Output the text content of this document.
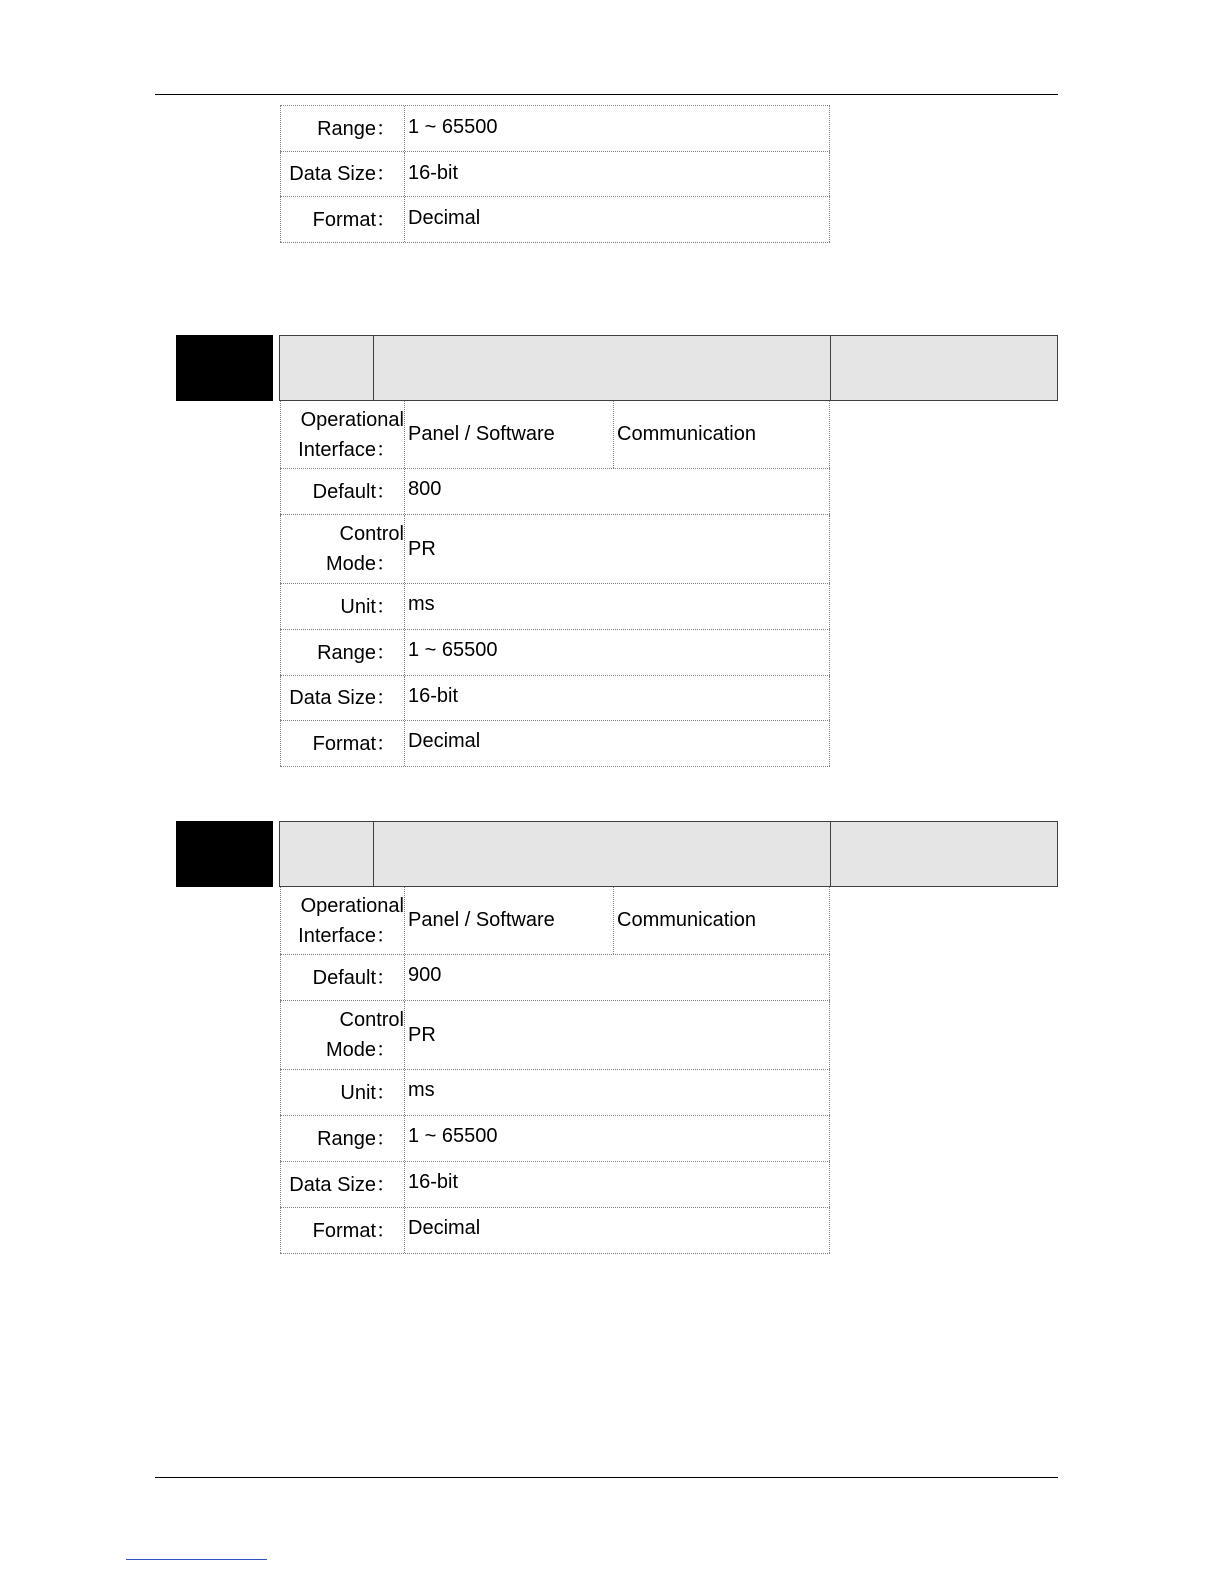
Range： 1 ~ 65500
Data Size： 16-bit
Format： Decimal
Operational
Interface：
Panel / Software	Communication
Default： 800
Control
Mode：
PR
Unit： ms
Range： 1 ~ 65500
Data Size： 16-bit
Format： Decimal
Operational
Interface：
Panel / Software	Communication
Default： 900
Control
Mode：
PR
Unit： ms
Range： 1 ~ 65500
Data Size： 16-bit
Format： Decimal
